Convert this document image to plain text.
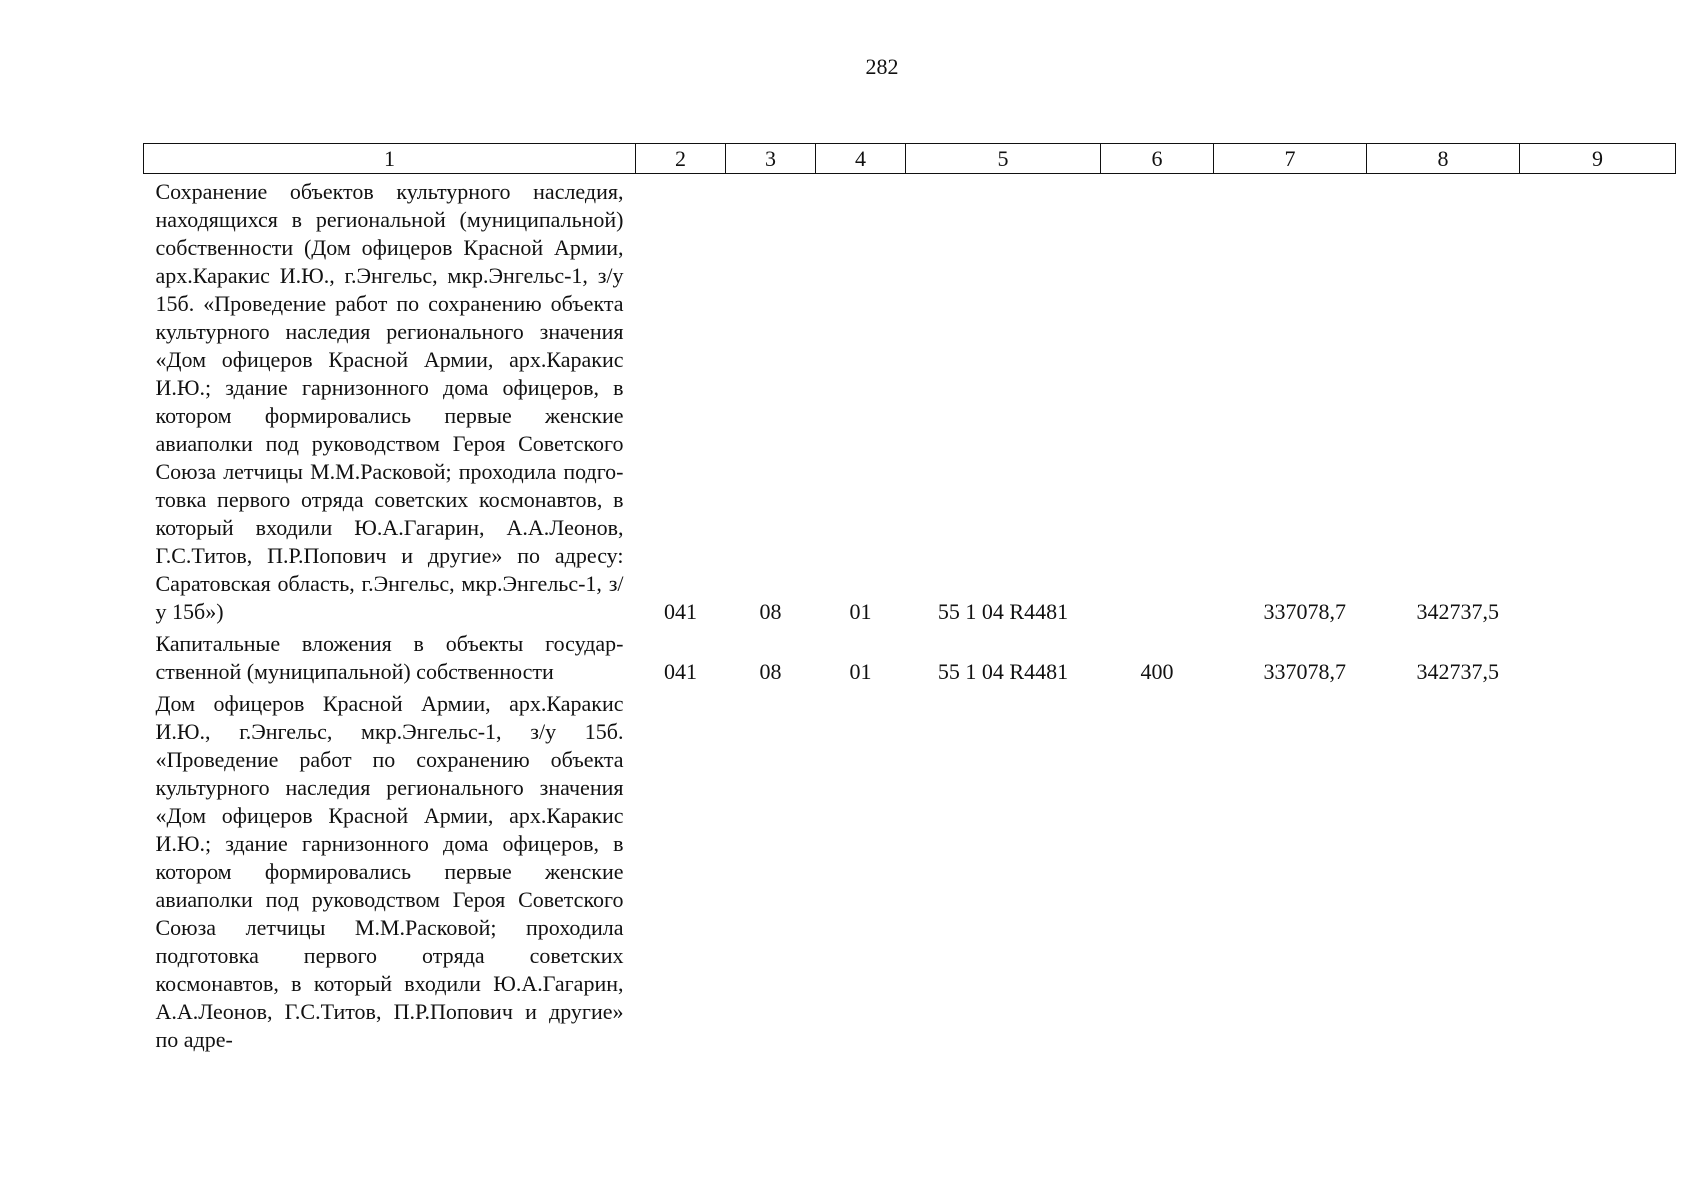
282
1	2	3	4	5	6	7	8	9
Сохранение объектов культурного наследия, находящихся в региональной (муниципальной) собственности (Дом офицеров Красной Армии, арх.Каракис И.Ю., г.Энгельс, мкр.Энгельс-1, з/у 15б. «Проведение работ по сохранению объекта культурного наследия регионального значения «Дом офицеров Красной Армии, арх.Каракис И.Ю.; здание гарнизонного дома офицеров, в котором формировались первые женские авиаполки под руководством Героя Советского Союза летчицы М.М.Расковой; проходила подготовка первого отряда советских космонавтов, в который входили Ю.А.Гагарин, А.А.Леонов, Г.С.Титов, П.Р.Попович и другие» по адресу: Саратовская область, г.Энгельс, мкр.Энгельс-1, з/у 15б»)	041	08	01	55 1 04 R4481		337078,7	342737,5	
Капитальные вложения в объекты государственной (муниципальной) собственности	041	08	01	55 1 04 R4481	400	337078,7	342737,5	
Дом офицеров Красной Армии, арх.Каракис И.Ю., г.Энгельс, мкр.Энгельс-1, з/у 15б. «Проведение работ по сохранению объекта культурного наследия регионального значения «Дом офицеров Красной Армии, арх.Каракис И.Ю.; здание гарнизонного дома офицеров, в котором формировались первые женские авиаполки под руководством Героя Советского Союза летчицы М.М.Расковой; проходила подготовка первого отряда советских космонавтов, в который входили Ю.А.Гагарин, А.А.Леонов, Г.С.Титов, П.Р.Попович и другие» по адре-								
